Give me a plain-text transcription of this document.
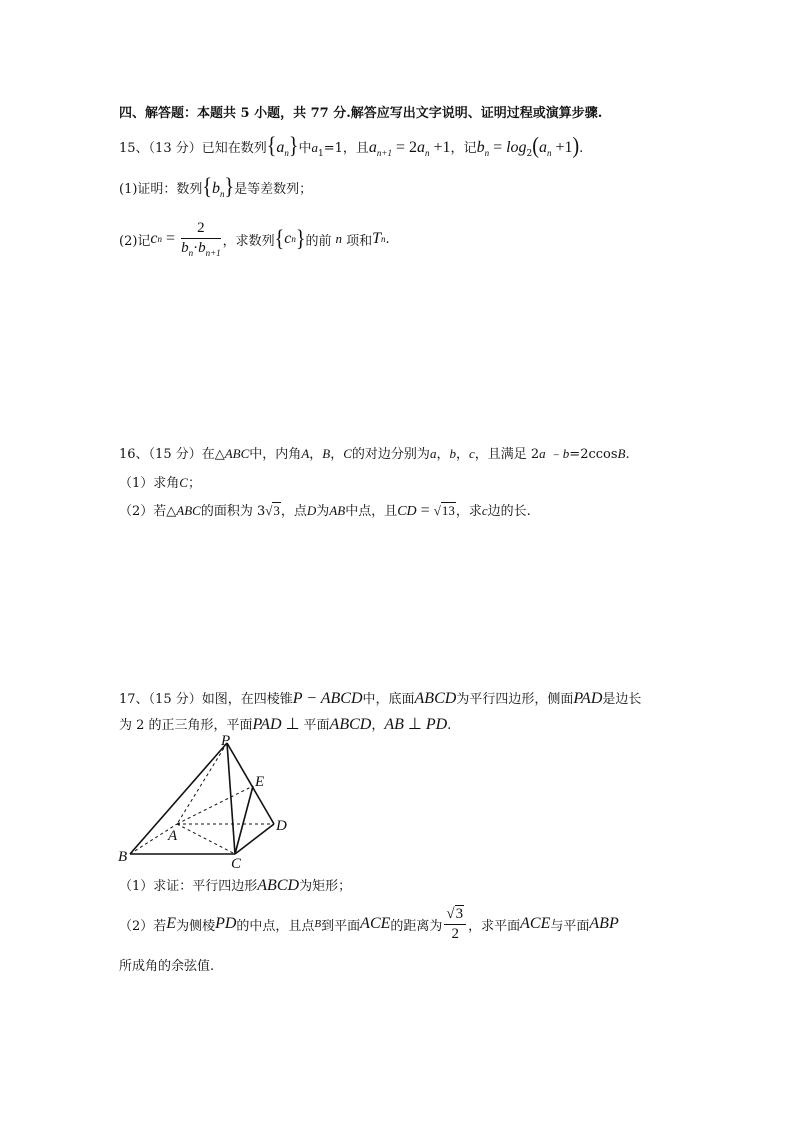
四、解答题：本题共 5 小题，共 77 分.解答应写出文字说明、证明过程或演算步骤.
15、（13 分）已知在数列$\{a_n\}$中$a_1=1$，且$a_{n+1} = 2a_n +1$，记$b_n = \log_2(a_n +1)$.
(1)证明：数列$\{b_n\}$是等差数列；
(2)记 c $n = \frac{2}{b_n\cdot b_{n+1}}$ ，求数列 { c n } 的前 n 项和 T n .
16、（15 分）在△ABC中，内角A，B，C的对边分别为a，b，c，且满足 2a ﹣b=2ccosB.
（1）求角C；
（2）若△ABC的面积为 3√3，点D为AB中点，且CD = √13，求c边的长.
17、（15 分）如图，在四棱锥P − ABCD中，底面ABCD为平行四边形，侧面PAD是边长
为 2 的正三角形，平面PAD ⊥ 平面ABCD，AB ⊥ PD.
P
E
A
D
B	C
（1）求证：平行四边形ABCD为矩形；
（2）若 E 为侧棱 PD 的中点，且点 B 到平面 ACE 的距离为 $\frac{√3}{2}$ ，求平面 ACE 与平面 ABP
所成角的余弦值.
